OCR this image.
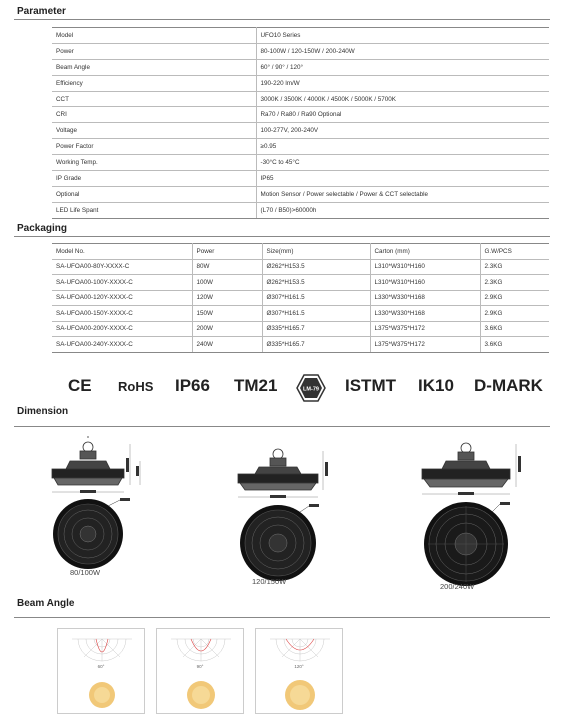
Parameter
Model	UFO10 Series
Power	80-100W / 120-150W / 200-240W
Beam Angle	60° / 90° / 120°
Efficiency	190-220 lm/W
CCT	3000K / 3500K / 4000K / 4500K / 5000K / 5700K
CRI	Ra70 / Ra80 / Ra90 Optional
Voltage	100-277V, 200-240V
Power Factor	≥0.95
Working Temp.	-30°C to 45°C
IP Grade	IP65
Optional	Motion Sensor / Power selectable / Power & CCT selectable
LED Life Spant	(L70 / B50)>60000h
Packaging
Model No.	Power	Size(mm)	Carton (mm)	G.W/PCS
SA-UFOA00-80Y-XXXX-C	80W	Ø262*H153.5	L310*W310*H160	2.3KG
SA-UFOA00-100Y-XXXX-C	100W	Ø262*H153.5	L310*W310*H160	2.3KG
SA-UFOA00-120Y-XXXX-C	120W	Ø307*H161.5	L330*W330*H168	2.9KG
SA-UFOA00-150Y-XXXX-C	150W	Ø307*H161.5	L330*W330*H168	2.9KG
SA-UFOA00-200Y-XXXX-C	200W	Ø335*H165.7	L375*W375*H172	3.6KG
SA-UFOA00-240Y-XXXX-C	240W	Ø335*H165.7	L375*W375*H172	3.6KG
CE RoHS IP66 TM21	LM-79 ISTMT IK10 D-MARK
Dimension
80/100W
120/150W
200/240W
Beam Angle
60°	90°	120°
